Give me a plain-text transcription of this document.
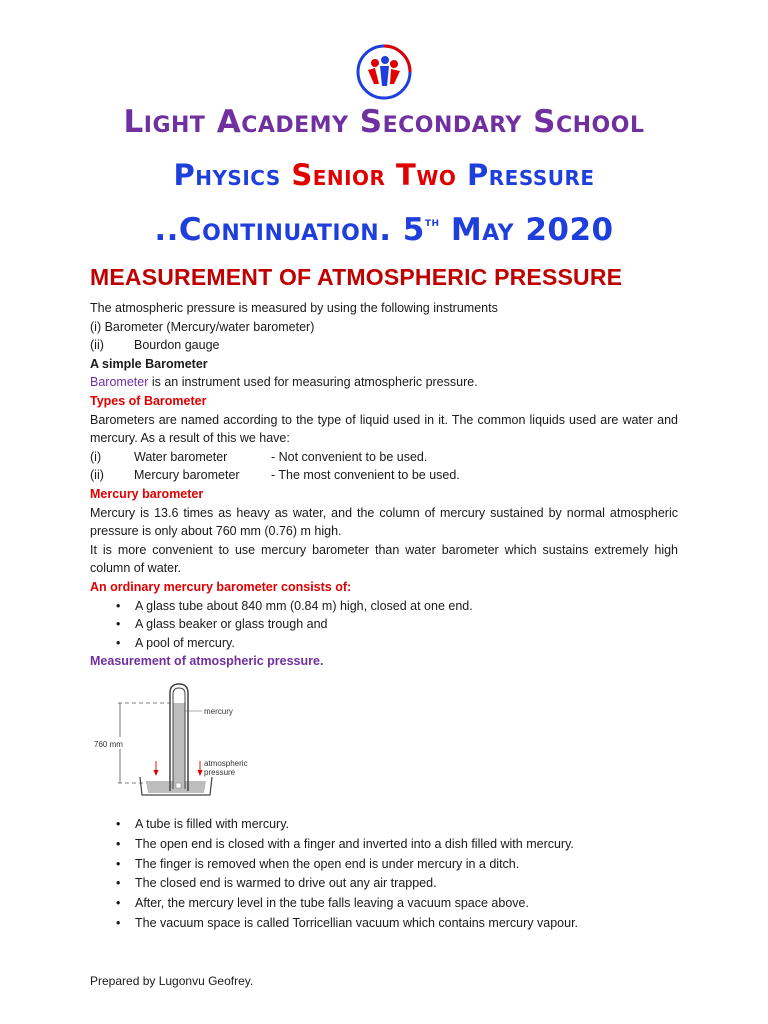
Light Academy Secondary School
Physics Senior Two Pressure
..Continuation. 5th May 2020
MEASUREMENT OF ATMOSPHERIC PRESSURE

The atmospheric pressure is measured by using the following instruments

(i) Barometer (Mercury/water barometer)

(ii)	Bourdon gauge

A simple Barometer

Barometer is an instrument used for measuring atmospheric pressure.

Types of Barometer

Barometers are named according to the type of liquid used in it. The common liquids used are water and mercury. As a result of this we have:

(i)	Water barometer	- Not convenient to be used.
(ii)	Mercury barometer	- The most convenient to be used.

Mercury barometer

Mercury is 13.6 times as heavy as water, and the column of mercury sustained by normal atmospheric pressure is only about 760 mm (0.76) m high.

It is more convenient to use mercury barometer than water barometer which sustains extremely high column of water.

An ordinary mercury barometer consists of:

• A glass tube about 840 mm (0.84 m) high, closed at one end.
• A glass beaker or glass trough and
• A pool of mercury.

Measurement of atmospheric pressure.

760 mm
mercury
atmospheric
pressure
• A tube is filled with mercury.
• The open end is closed with a finger and inverted into a dish filled with mercury.
• The finger is removed when the open end is under mercury in a ditch.
• The closed end is warmed to drive out any air trapped.
• After, the mercury level in the tube falls leaving a vacuum space above.
• The vacuum space is called Torricellian vacuum which contains mercury vapour.

Prepared by Lugonvu Geofrey.
